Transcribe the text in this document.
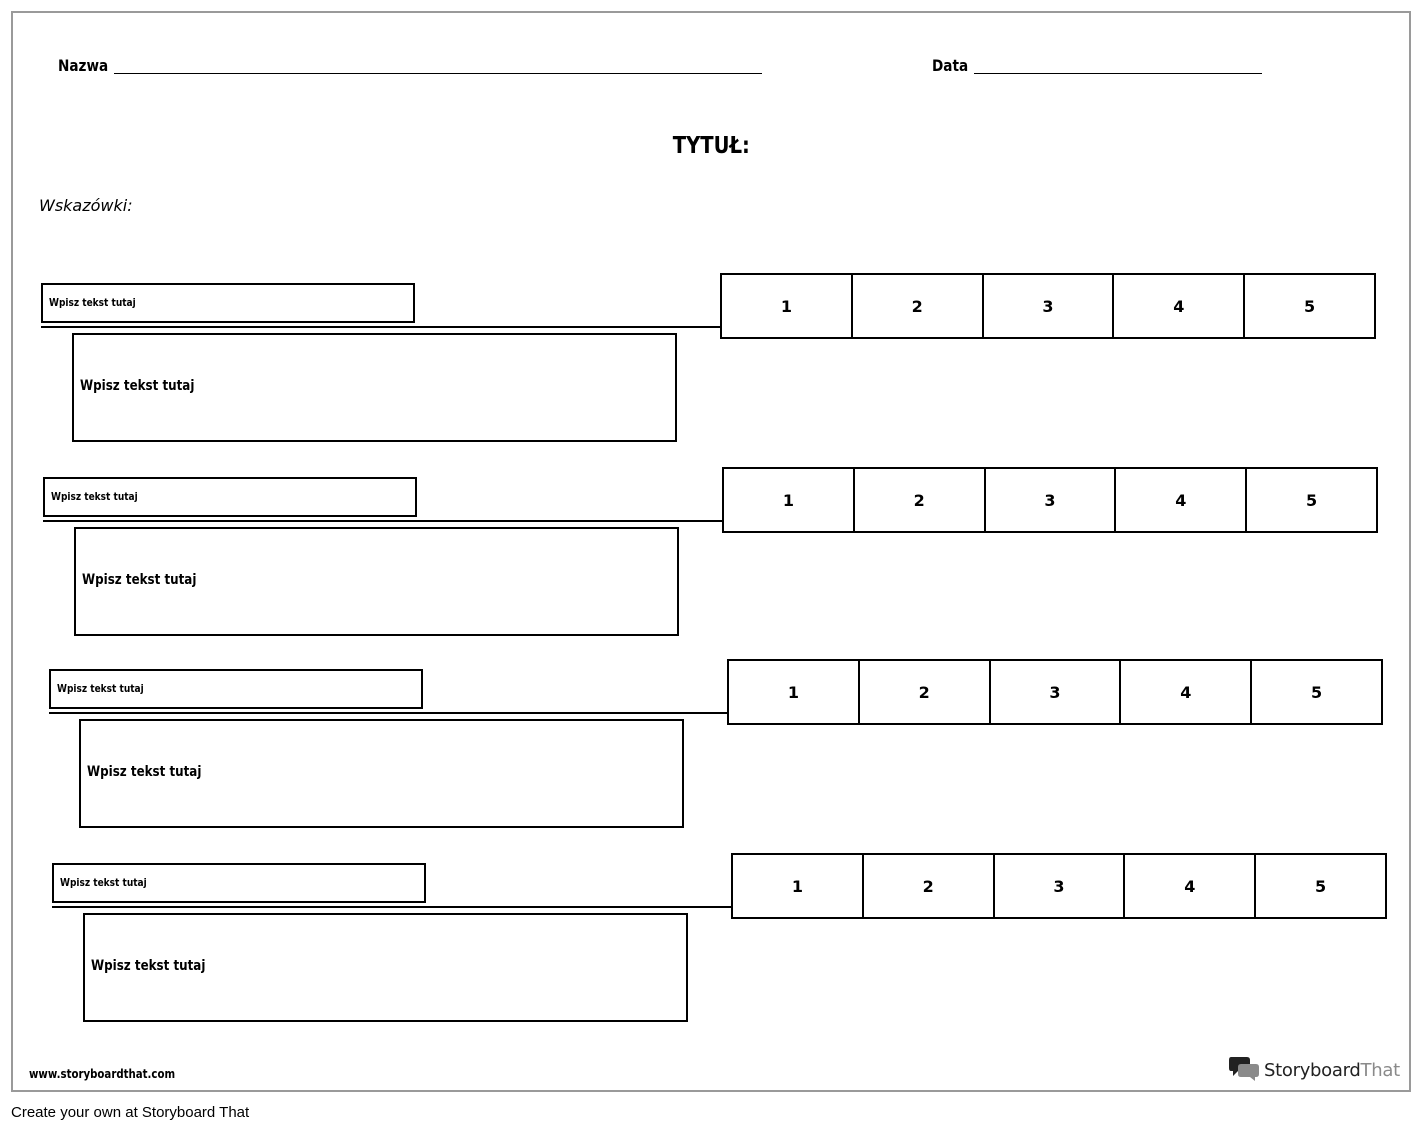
Nazwa	Data
TYTUŁ:
Wskazówki:
Wpisz tekst tutaj
Wpisz tekst tutaj
1	2	3	4	5
Wpisz tekst tutaj
Wpisz tekst tutaj
1	2	3	4	5
Wpisz tekst tutaj
Wpisz tekst tutaj
1	2	3	4	5
Wpisz tekst tutaj
Wpisz tekst tutaj
1	2	3	4	5
www.storyboardthat.com	StoryboardThat
Create your own at Storyboard That
